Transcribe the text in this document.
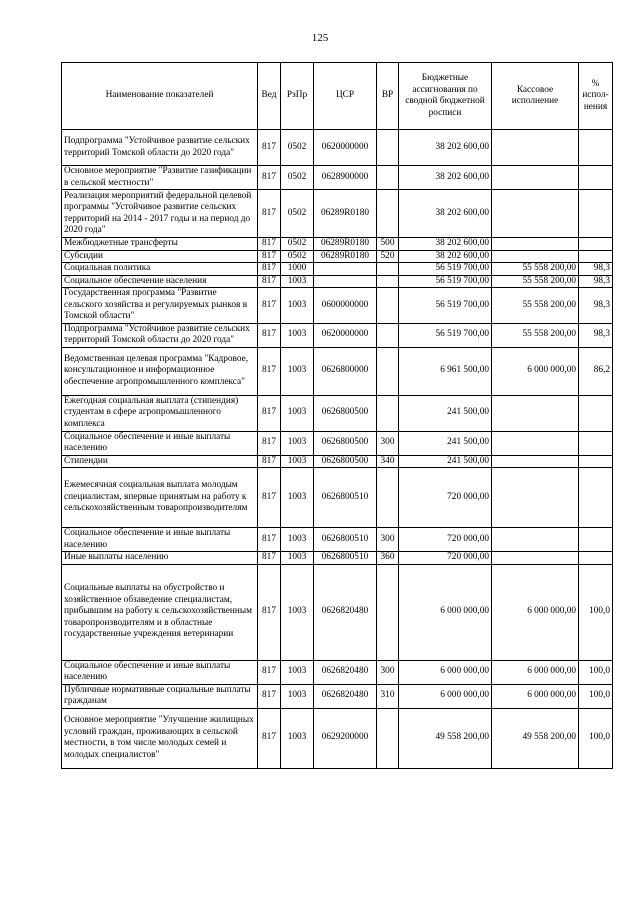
125
Наименование показателей	Вед	РзПр	ЦСР	ВР	Бюджетные ассигнования по сводной бюджетной росписи	Кассовое исполнение	% испол-нения
Подпрограмма "Устойчивое развитие сельских территорий Томской области до 2020 года"	817	0502	0620000000		38 202 600,00		
Основное мероприятие "Развитие газификации в сельской местности"	817	0502	0628900000		38 202 600,00		
Реализация мероприятий федеральной целевой программы "Устойчивое развитие сельских территорий на 2014 - 2017 годы и на период до 2020 года"	817	0502	06289R0180		38 202 600,00		
Межбюджетные трансферты	817	0502	06289R0180	500	38 202 600,00		
Субсидии	817	0502	06289R0180	520	38 202 600,00		
Социальная политика	817	1000			56 519 700,00	55 558 200,00	98,3
Социальное обеспечение населения	817	1003			56 519 700,00	55 558 200,00	98,3
Государственная программа "Развитие сельского хозяйства и регулируемых рынков в Томской области"	817	1003	0600000000		56 519 700,00	55 558 200,00	98,3
Подпрограмма "Устойчивое развитие сельских территорий Томской области до 2020 года"	817	1003	0620000000		56 519 700,00	55 558 200,00	98,3
Ведомственная целевая программа "Кадровое, консультационное и информационное обеспечение агропромышленного комплекса"	817	1003	0626800000		6 961 500,00	6 000 000,00	86,2
Ежегодная социальная выплата (стипендия) студентам в сфере агропромышленного комплекса	817	1003	0626800500		241 500,00		
Социальное обеспечение и иные выплаты населению	817	1003	0626800500	300	241 500,00		
Стипендии	817	1003	0626800500	340	241 500,00		
Ежемесячная социальная выплата молодым специалистам, впервые принятым на работу к сельскохозяйственным товаропроизводителям	817	1003	0626800510		720 000,00		
Социальное обеспечение и иные выплаты населению	817	1003	0626800510	300	720 000,00		
Иные выплаты населению	817	1003	0626800510	360	720 000,00		
Социальные выплаты на обустройство и хозяйственное обзаведение специалистам, прибывшим на работу к сельскохозяйственным товаропроизводителям и в областные государственные учреждения ветеринарии	817	1003	0626820480		6 000 000,00	6 000 000,00	100,0
Социальное обеспечение и иные выплаты населению	817	1003	0626820480	300	6 000 000,00	6 000 000,00	100,0
Публичные нормативные социальные выплаты гражданам	817	1003	0626820480	310	6 000 000,00	6 000 000,00	100,0
Основное мероприятие "Улучшение жилищных условий граждан, проживающих в сельской местности, в том числе молодых семей и молодых специалистов"	817	1003	0629200000		49 558 200,00	49 558 200,00	100,0
